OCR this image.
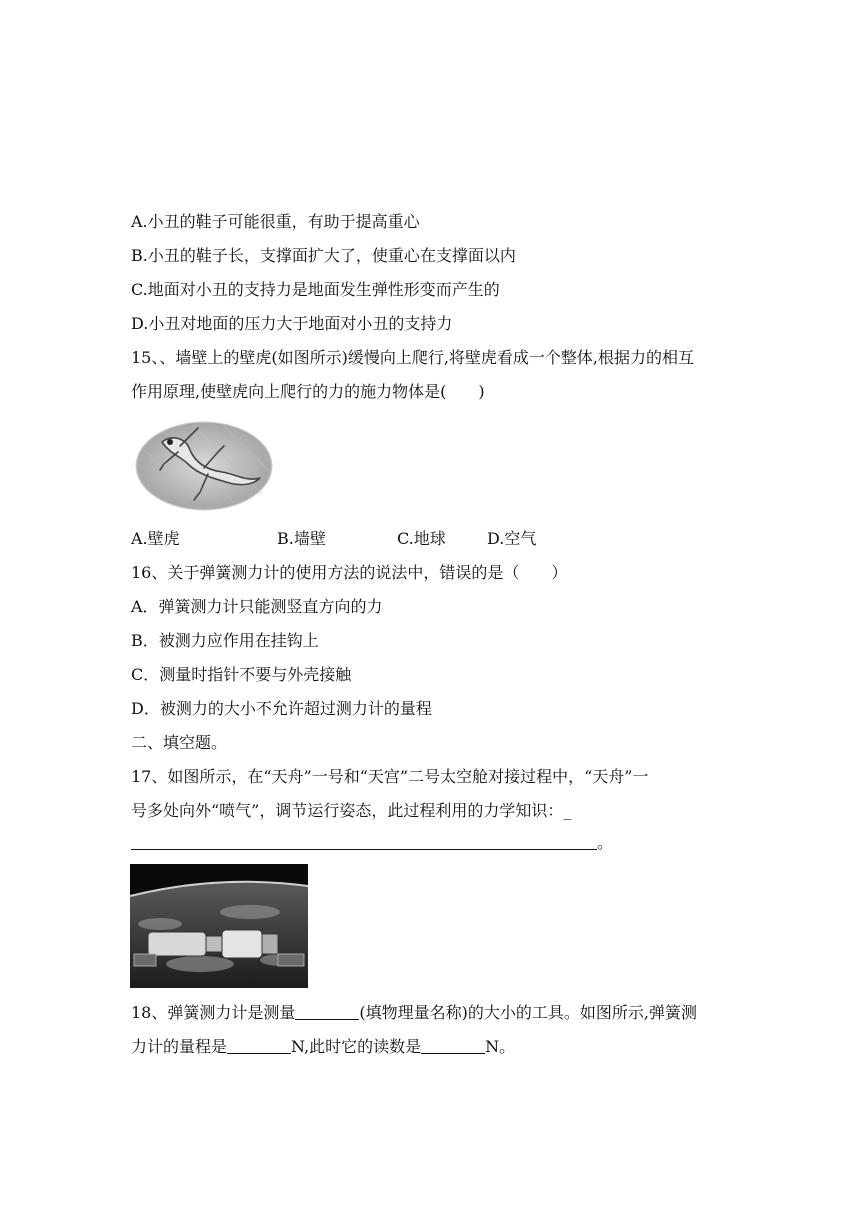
A.小丑的鞋子可能很重，有助于提高重心
B.小丑的鞋子长，支撑面扩大了，使重心在支撑面以内
C.地面对小丑的支持力是地面发生弹性形变而产生的
D.小丑对地面的压力大于地面对小丑的支持力
15、、墙壁上的壁虎(如图所示)缓慢向上爬行,将壁虎看成一个整体,根据力的相互
作用原理,使壁虎向上爬行的力的施力物体是(　　)
A.壁虎	B.墙壁	C.地球	D.空气
16、关于弹簧测力计的使用方法的说法中，错误的是（　　）
A．弹簧测力计只能测竖直方向的力
B．被测力应作用在挂钩上
C．测量时指针不要与外壳接触
D．被测力的大小不允许超过测力计的量程
二、填空题。
17、如图所示，在“天舟”一号和“天宫”二号太空舱对接过程中，“天舟”一
号多处向外“喷气”，调节运行姿态，此过程利用的力学知识：_
。
18、弹簧测力计是测量	(填物理量名称)的大小的工具。如图所示,弹簧测
力计的量程是	N,此时它的读数是	N。
